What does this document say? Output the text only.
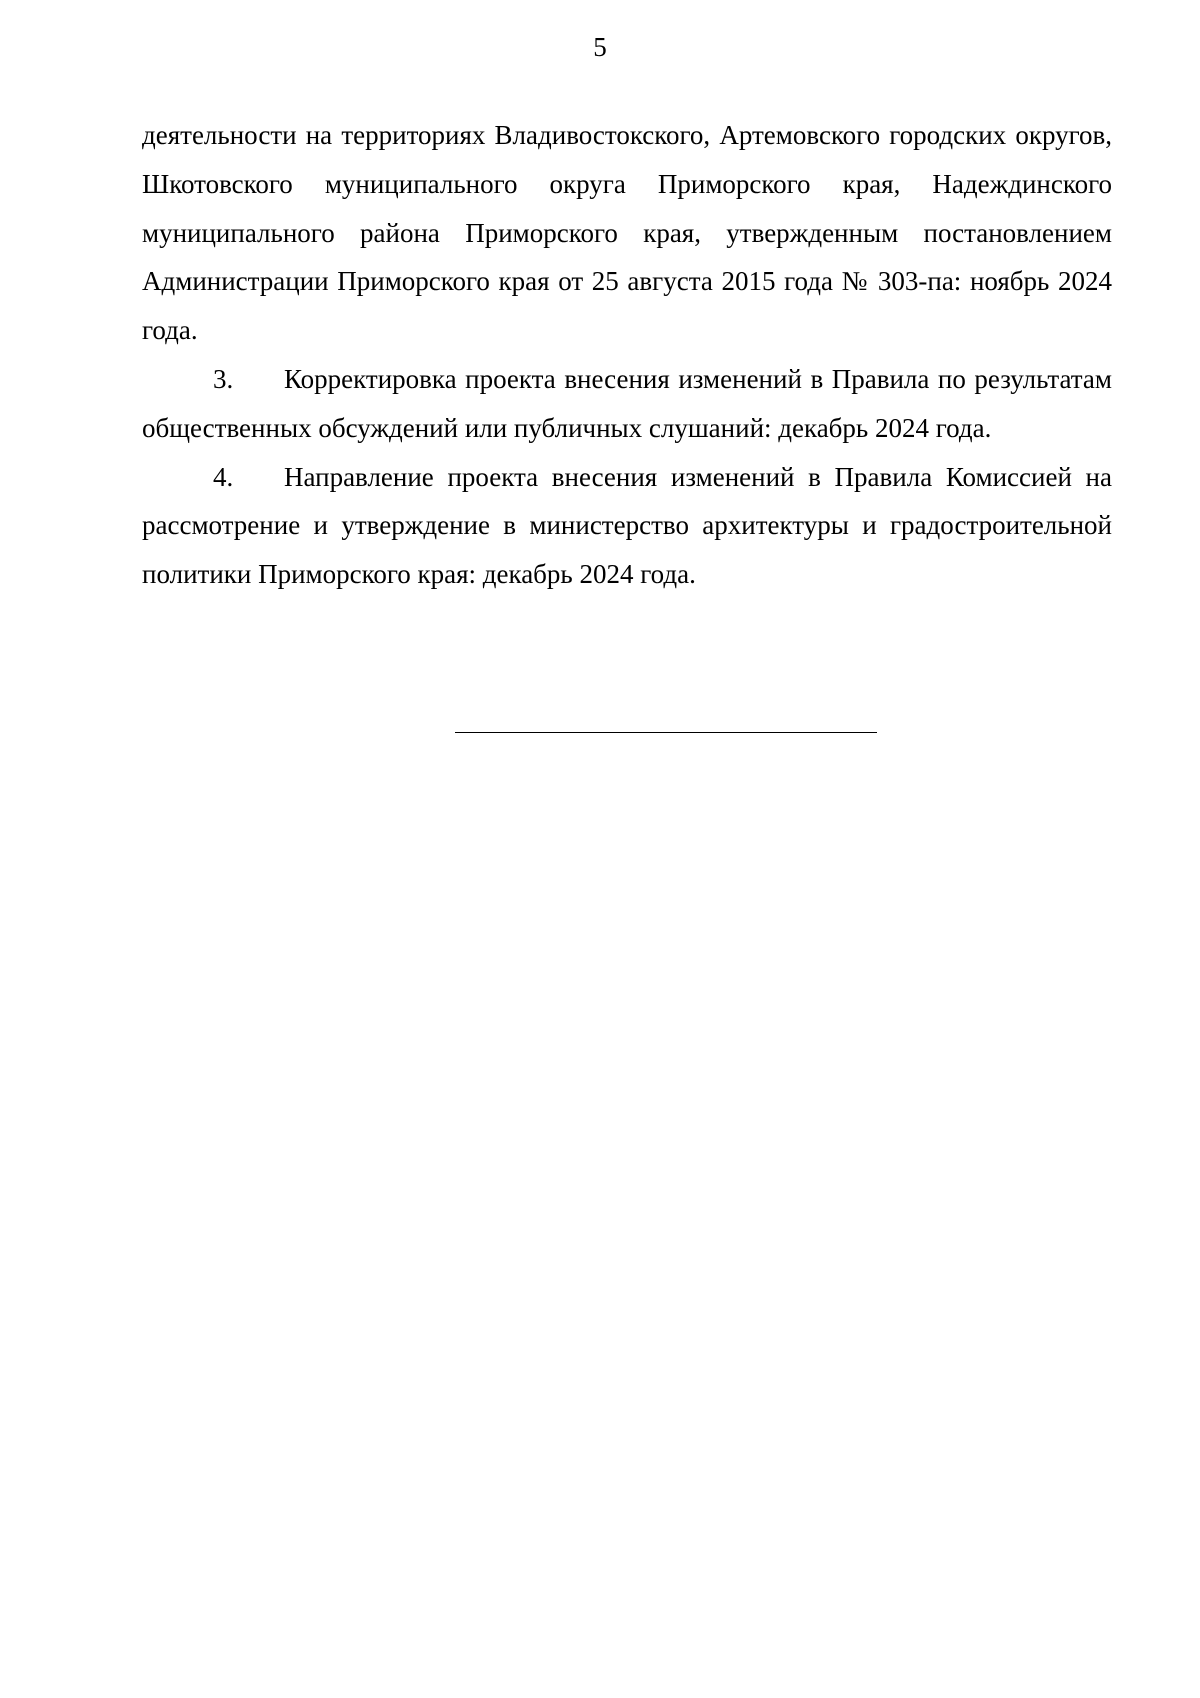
5

деятельности на территориях Владивостокского, Артемовского городских округов, Шкотовского муниципального округа Приморского края, Надеждинского муниципального района Приморского края, утвержденным постановлением Администрации Приморского края от 25 августа 2015 года № 303-па: ноябрь 2024 года.

3. Корректировка проекта внесения изменений в Правила по результатам общественных обсуждений или публичных слушаний: декабрь 2024 года.

4. Направление проекта внесения изменений в Правила Комиссией на рассмотрение и утверждение в министерство архитектуры и градостроительной политики Приморского края: декабрь 2024 года.
